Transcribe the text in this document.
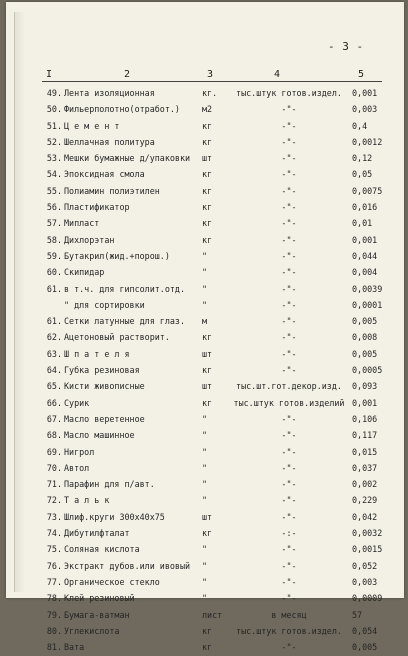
- 3 -
I	2	3	4	5
49. Лента изоляционная	кг.	тыс.штук готов.издел.	0,001
50. Фильерполотно(отработ.)	м2	-"-	0,003
51. Ц е м е н т	кг	-"-	0,4
52. Шеллачная политура	кг	-"-	0,0012
53. Мешки бумажные д/упаковки	шт	-"-	0,12
54. Эпоксидная смола	кг	-"-	0,05
55. Полиамин полиэтилен	кг	-"-	0,0075
56. Пластификатор	кг	-"-	0,016
57. Миплаcт	кг	-"-	0,01
58. Дихлорэтан	кг	-"-	0,001
59. Бутакрил(жид.+порош.)	"	-"-	0,044
60. Скипидар	"	-"-	0,004
61. в т.ч. для гипсолит.отд.	"	-"-	0,0039
" для сортировки	"	-"-	0,0001
61. Сетки латунные для глаз.	м	-"-	0,005
62. Ацетоновый растворит.	кг	-"-	0,008
63. Ш п а т е л я	шт	-"-	0,005
64. Губка резиновая	кг	-"-	0,0005
65. Кисти живописные	шт	тыс.шт.гот.декор.изд.	0,093
66. Сурик	кг	тыс.штук готов.изделий 0,001
67. Масло веретенное	"	-"-	0,106
68. Масло машинное	"	-"-	0,117
69. Нигрол	"	-"-	0,015
70. Автол	"	-"-	0,037
71. Парафин для п/авт.	"	-"-	0,002
72. Т а л ь к	"	-"-	0,229
73. Шлиф.круги 300х40х75	шт	-"-	0,042
74. Дибутилфталат	кг	-:-	0,0032
75. Соляная кислота	"	-"-	0,0015
76. Экстракт дубов.или ивовый	"	-"-	0,052
77. Органическое стекло	"	-"-	0,003
78. Клей резиновый	"	-"-	0,0009
79. Бумага-ватман	лист	в месяц	57
80. Углекислота	кг	тыс.штук готов.издел.	0,054
81. Вата	кг	-"-	0,005
